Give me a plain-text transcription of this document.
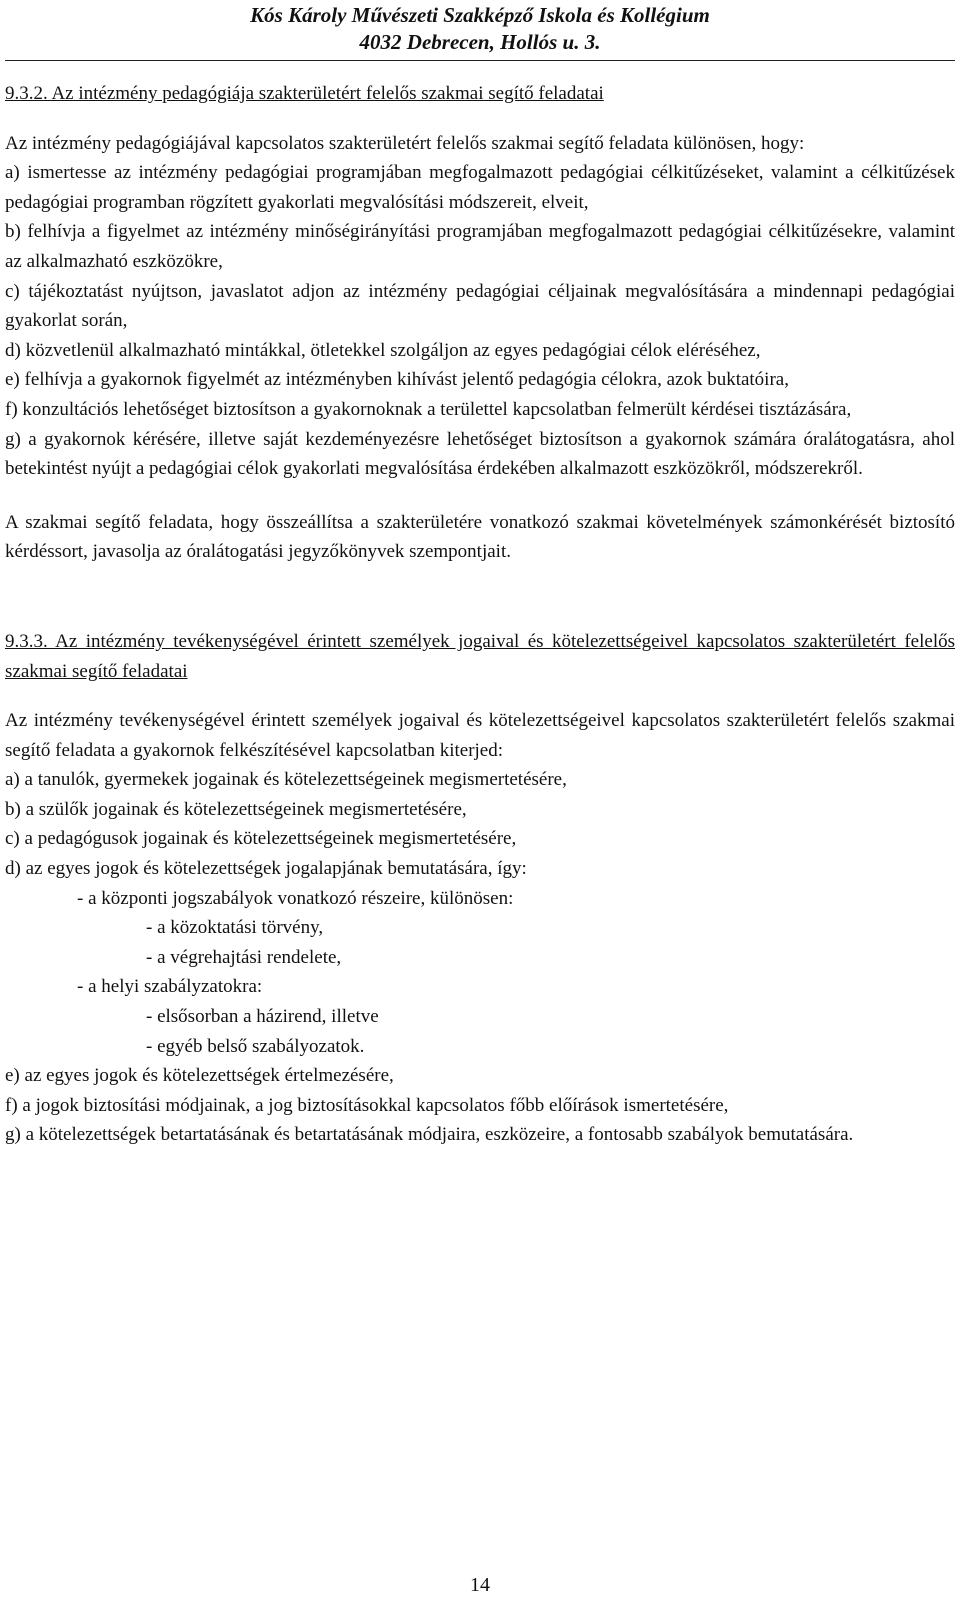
Kós Károly Művészeti Szakképző Iskola és Kollégium
4032 Debrecen, Hollós u. 3.

9.3.2. Az intézmény pedagógiája szakterületért felelős szakmai segítő feladatai

Az intézmény pedagógiájával kapcsolatos szakterületért felelős szakmai segítő feladata különösen, hogy:

a) ismertesse az intézmény pedagógiai programjában megfogalmazott pedagógiai célkitűzéseket, valamint a célkitűzések pedagógiai programban rögzített gyakorlati megvalósítási módszereit, elveit,

b) felhívja a figyelmet az intézmény minőségirányítási programjában megfogalmazott pedagógiai célkitűzésekre, valamint az alkalmazható eszközökre,

c) tájékoztatást nyújtson, javaslatot adjon az intézmény pedagógiai céljainak megvalósítására a mindennapi pedagógiai gyakorlat során,

d) közvetlenül alkalmazható mintákkal, ötletekkel szolgáljon az egyes pedagógiai célok eléréséhez,

e) felhívja a gyakornok figyelmét az intézményben kihívást jelentő pedagógia célokra, azok buktatóira,

f) konzultációs lehetőséget biztosítson a gyakornoknak a területtel kapcsolatban felmerült kérdései tisztázására,

g) a gyakornok kérésére, illetve saját kezdeményezésre lehetőséget biztosítson a gyakornok számára óralátogatásra, ahol betekintést nyújt a pedagógiai célok gyakorlati megvalósítása érdekében alkalmazott eszközökről, módszerekről.

A szakmai segítő feladata, hogy összeállítsa a szakterületére vonatkozó szakmai követelmények számonkérését biztosító kérdéssort, javasolja az óralátogatási jegyzőkönyvek szempontjait.

9.3.3. Az intézmény tevékenységével érintett személyek jogaival és kötelezettségeivel kapcsolatos szakterületért felelős szakmai segítő feladatai

Az intézmény tevékenységével érintett személyek jogaival és kötelezettségeivel kapcsolatos szakterületért felelős szakmai segítő feladata a gyakornok felkészítésével kapcsolatban kiterjed:

a) a tanulók, gyermekek jogainak és kötelezettségeinek megismertetésére,

b) a szülők jogainak és kötelezettségeinek megismertetésére,

c) a pedagógusok jogainak és kötelezettségeinek megismertetésére,

d) az egyes jogok és kötelezettségek jogalapjának bemutatására, így:

- a központi jogszabályok vonatkozó részeire, különösen:

- a közoktatási törvény,

- a végrehajtási rendelete,

- a helyi szabályzatokra:

- elsősorban a házirend, illetve

- egyéb belső szabályozatok.

e) az egyes jogok és kötelezettségek értelmezésére,

f) a jogok biztosítási módjainak, a jog biztosításokkal kapcsolatos főbb előírások ismertetésére,

g) a kötelezettségek betartatásának és betartatásának módjaira, eszközeire, a fontosabb szabályok bemutatására.

14
